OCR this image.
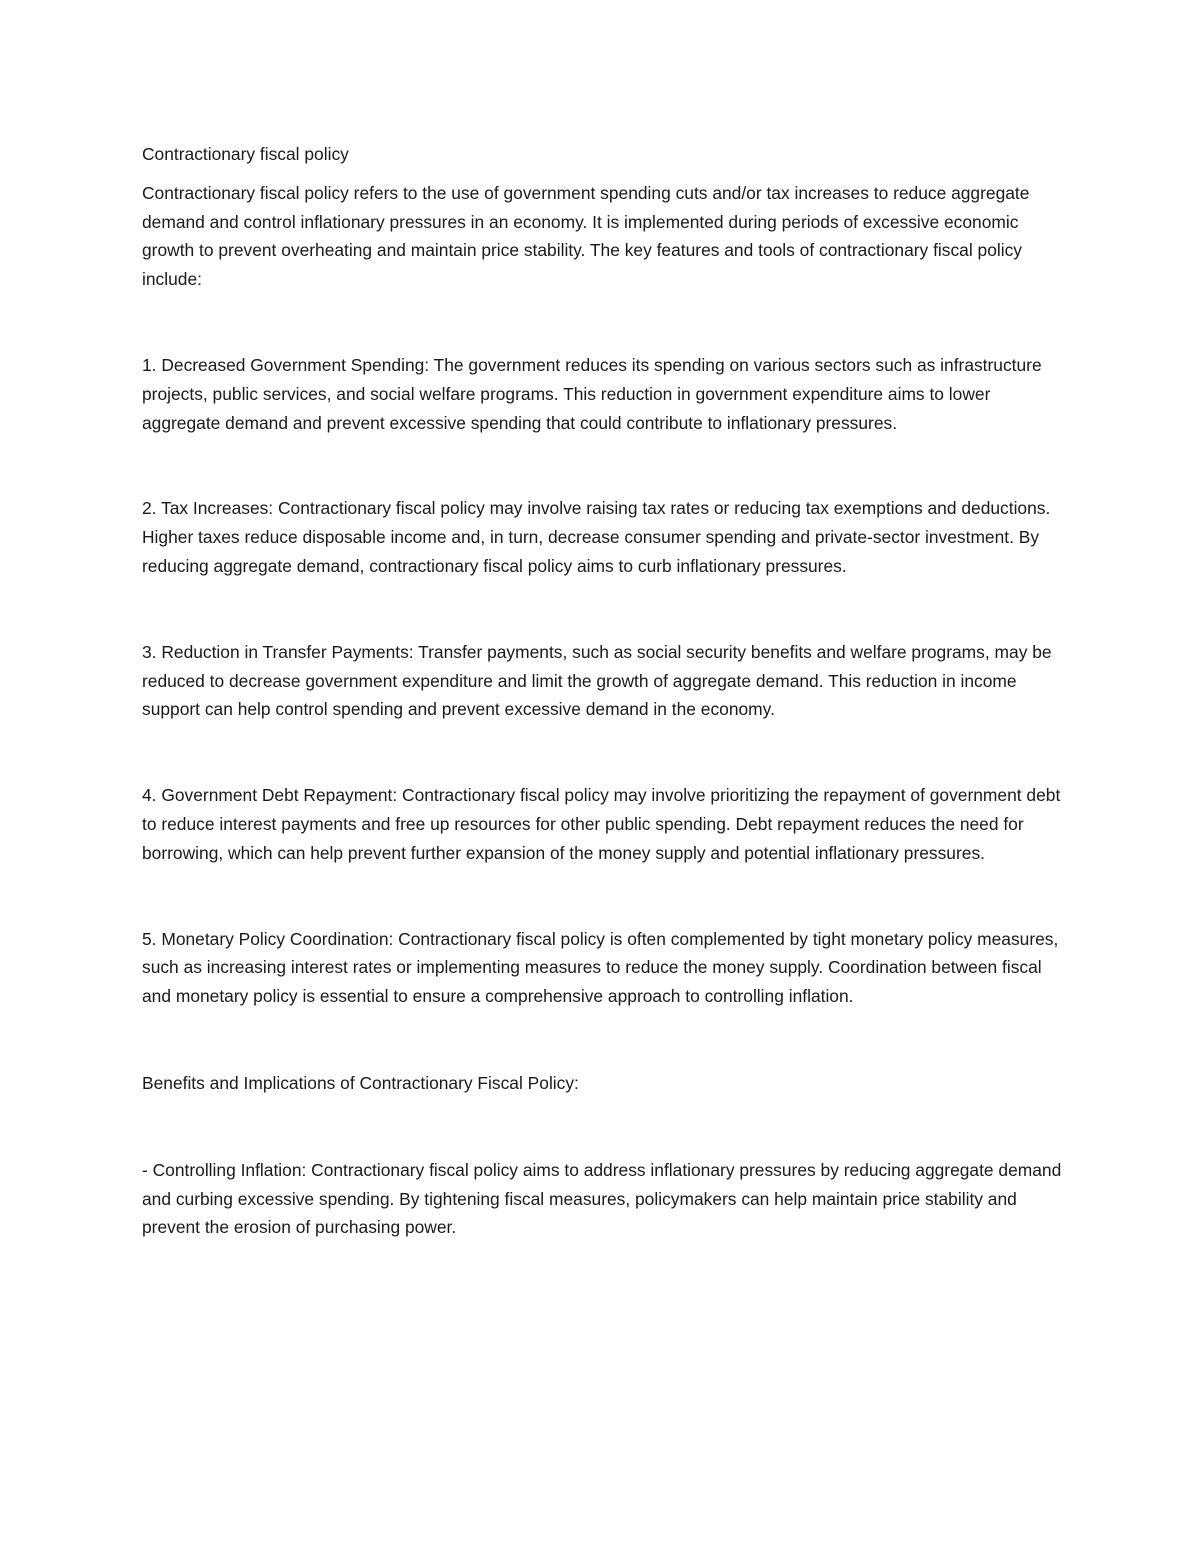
Contractionary fiscal policy

Contractionary fiscal policy refers to the use of government spending cuts and/or tax increases to reduce aggregate demand and control inflationary pressures in an economy. It is implemented during periods of excessive economic growth to prevent overheating and maintain price stability. The key features and tools of contractionary fiscal policy include:

1. Decreased Government Spending: The government reduces its spending on various sectors such as infrastructure projects, public services, and social welfare programs. This reduction in government expenditure aims to lower aggregate demand and prevent excessive spending that could contribute to inflationary pressures.

2. Tax Increases: Contractionary fiscal policy may involve raising tax rates or reducing tax exemptions and deductions. Higher taxes reduce disposable income and, in turn, decrease consumer spending and private-sector investment. By reducing aggregate demand, contractionary fiscal policy aims to curb inflationary pressures.

3. Reduction in Transfer Payments: Transfer payments, such as social security benefits and welfare programs, may be reduced to decrease government expenditure and limit the growth of aggregate demand. This reduction in income support can help control spending and prevent excessive demand in the economy.

4. Government Debt Repayment: Contractionary fiscal policy may involve prioritizing the repayment of government debt to reduce interest payments and free up resources for other public spending. Debt repayment reduces the need for borrowing, which can help prevent further expansion of the money supply and potential inflationary pressures.

5. Monetary Policy Coordination: Contractionary fiscal policy is often complemented by tight monetary policy measures, such as increasing interest rates or implementing measures to reduce the money supply. Coordination between fiscal and monetary policy is essential to ensure a comprehensive approach to controlling inflation.

Benefits and Implications of Contractionary Fiscal Policy:

- Controlling Inflation: Contractionary fiscal policy aims to address inflationary pressures by reducing aggregate demand and curbing excessive spending. By tightening fiscal measures, policymakers can help maintain price stability and prevent the erosion of purchasing power.
